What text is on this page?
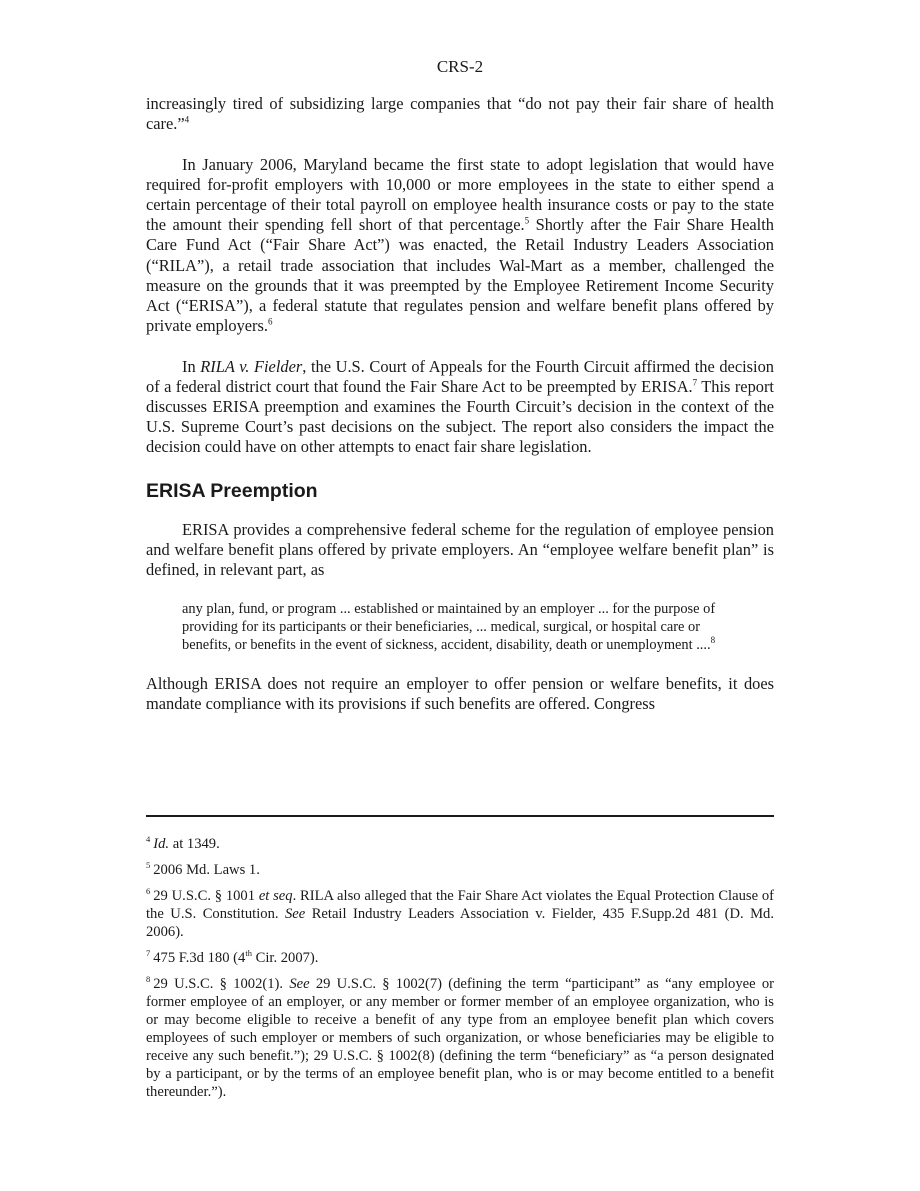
CRS-2

increasingly tired of subsidizing large companies that “do not pay their fair share of health care.”$^4$

In January 2006, Maryland became the first state to adopt legislation that would have required for-profit employers with 10,000 or more employees in the state to either spend a certain percentage of their total payroll on employee health insurance costs or pay to the state the amount their spending fell short of that percentage.$^5$ Shortly after the Fair Share Health Care Fund Act (“Fair Share Act”) was enacted, the Retail Industry Leaders Association (“RILA”), a retail trade association that includes Wal-Mart as a member, challenged the measure on the grounds that it was preempted by the Employee Retirement Income Security Act (“ERISA”), a federal statute that regulates pension and welfare benefit plans offered by private employers.$^6$

In RILA v. Fielder, the U.S. Court of Appeals for the Fourth Circuit affirmed the decision of a federal district court that found the Fair Share Act to be preempted by ERISA.$^7$ This report discusses ERISA preemption and examines the Fourth Circuit’s decision in the context of the U.S. Supreme Court’s past decisions on the subject. The report also considers the impact the decision could have on other attempts to enact fair share legislation.

ERISA Preemption

ERISA provides a comprehensive federal scheme for the regulation of employee pension and welfare benefit plans offered by private employers. An “employee welfare benefit plan” is defined, in relevant part, as

any plan, fund, or program ... established or maintained by an employer ... for the purpose of providing for its participants or their beneficiaries, ... medical, surgical, or hospital care or benefits, or benefits in the event of sickness, accident, disability, death or unemployment ....$^8$

Although ERISA does not require an employer to offer pension or welfare benefits, it does mandate compliance with its provisions if such benefits are offered. Congress

$^4$ Id. at 1349.

$^5$ 2006 Md. Laws 1.

$^6$ 29 U.S.C. § 1001 et seq. RILA also alleged that the Fair Share Act violates the Equal Protection Clause of the U.S. Constitution. See Retail Industry Leaders Association v. Fielder, 435 F.Supp.2d 481 (D. Md. 2006).

$^7$ 475 F.3d 180 (4th Cir. 2007).

$^8$ 29 U.S.C. § 1002(1). See 29 U.S.C. § 1002(7) (defining the term “participant” as “any employee or former employee of an employer, or any member or former member of an employee organization, who is or may become eligible to receive a benefit of any type from an employee benefit plan which covers employees of such employer or members of such organization, or whose beneficiaries may be eligible to receive any such benefit.”); 29 U.S.C. § 1002(8) (defining the term “beneficiary” as “a person designated by a participant, or by the terms of an employee benefit plan, who is or may become entitled to a benefit thereunder.”).
